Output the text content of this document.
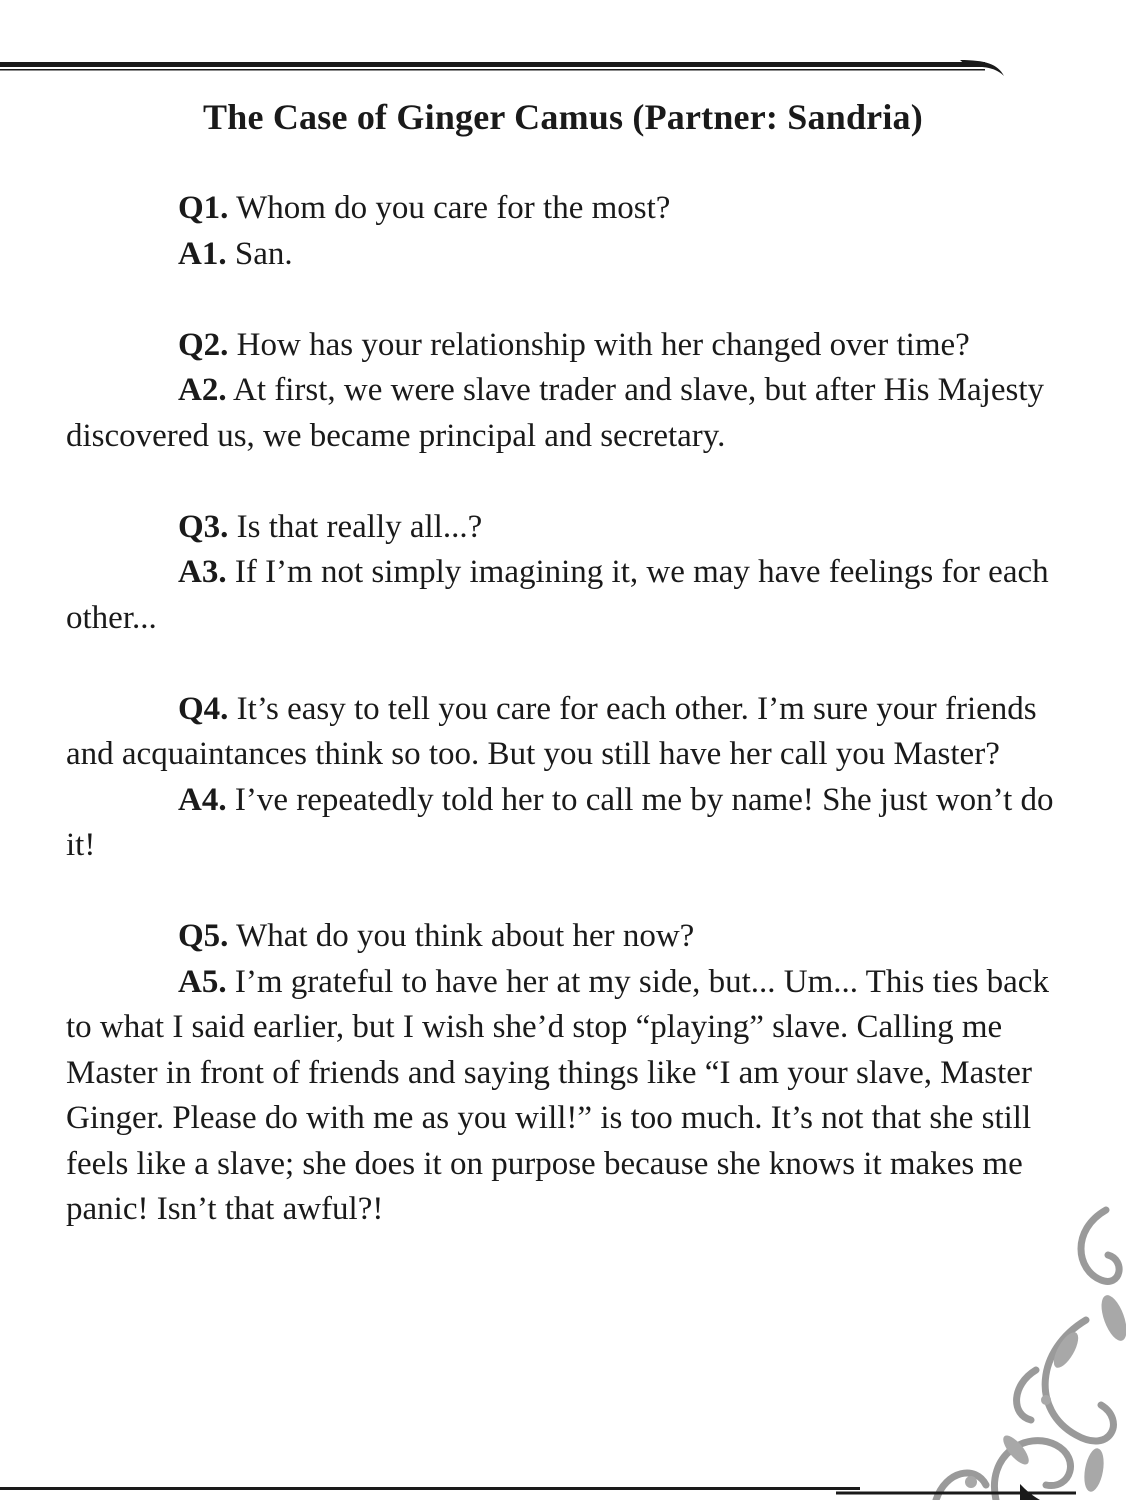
The Case of Ginger Camus (Partner: Sandria)

Q1. Whom do you care for the most?

A1. San.

Q2. How has your relationship with her changed over time?

A2. At first, we were slave trader and slave, but after His Majesty discovered us, we became principal and secretary.

Q3. Is that really all...?

A3. If I’m not simply imagining it, we may have feelings for each other...

Q4. It’s easy to tell you care for each other. I’m sure your friends and acquaintances think so too. But you still have her call you Master?

A4. I’ve repeatedly told her to call me by name! She just won’t do it!

Q5. What do you think about her now?

A5. I’m grateful to have her at my side, but... Um... This ties back to what I said earlier, but I wish she’d stop “playing” slave. Calling me Master in front of friends and saying things like “I am your slave, Master Ginger. Please do with me as you will!” is too much. It’s not that she still feels like a slave; she does it on purpose because she knows it makes me panic! Isn’t that awful?!
